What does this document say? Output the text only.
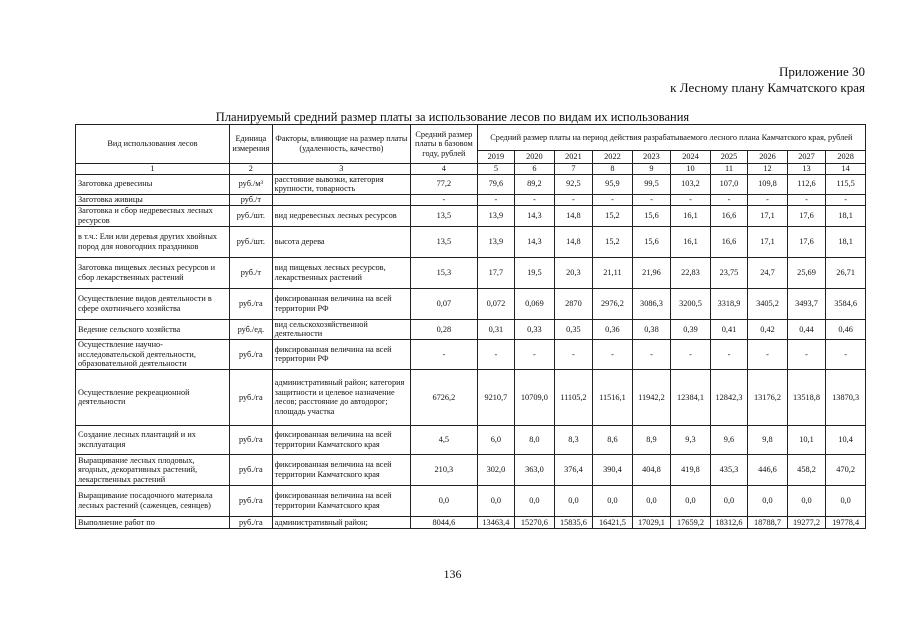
Приложение 30
к Лесному плану Камчатского края
Планируемый средний размер платы за использование лесов по видам их использования
Вид использования лесов	Единица измерения	Факторы, влияющие на размер платы (удаленность, качество)	Средний размер платы в базовом году, рублей	Средний размер платы на период действия разрабатываемого лесного плана Камчатского края, рублей									
				2019	2020	2021	2022	2023	2024	2025	2026	2027	2028
1	2	3	4	5	6	7	8	9	10	11	12	13	14
Заготовка древесины	руб./м³	расстояние вывозки, категория крупности, товарность	77,2	79,6	89,2	92,5	95,9	99,5	103,2	107,0	109,8	112,6	115,5
Заготовка живицы	руб./т		-	-	-	-	-	-	-	-	-	-	-
Заготовка и сбор недревесных лесных ресурсов	руб./шт.	вид недревесных лесных ресурсов	13,5	13,9	14,3	14,8	15,2	15,6	16,1	16,6	17,1	17,6	18,1
в т.ч.: Ели или деревья других хвойных пород для новогодних праздников	руб./шт.	высота дерева	13,5	13,9	14,3	14,8	15,2	15,6	16,1	16,6	17,1	17,6	18,1
Заготовка пищевых лесных ресурсов и сбор лекарственных растений	руб./т	вид пищевых лесных ресурсов, лекарственных растений	15,3	17,7	19,5	20,3	21,11	21,96	22,83	23,75	24,7	25,69	26,71
Осуществление видов деятельности в сфере охотничьего хозяйства	руб./га	фиксированная величина на всей территории РФ	0,07	0,072	0,069	2870	2976,2	3086,3	3200,5	3318,9	3405,2	3493,7	3584,6
Ведение сельского хозяйства	руб./ед.	вид сельскохозяйственной деятельности	0,28	0,31	0,33	0,35	0,36	0,38	0,39	0,41	0,42	0,44	0,46
Осуществление научно-исследовательской деятельности, образовательной деятельности	руб./га	фиксированная величина на всей территории РФ	-	-	-	-	-	-	-	-	-	-	-
Осуществление рекреационной деятельности	руб./га	административный район; категория защитности и целевое назначение лесов; расстояние до автодорог; площадь участка	6726,2	9210,7	10709,0	11105,2	11516,1	11942,2	12384,1	12842,3	13176,2	13518,8	13870,3
Создание лесных плантаций и их эксплуатация	руб./га	фиксированная величина на всей территории Камчатского края	4,5	6,0	8,0	8,3	8,6	8,9	9,3	9,6	9,8	10,1	10,4
Выращивание лесных плодовых, ягодных, декоративных растений, лекарственных растений	руб./га	фиксированная величина на всей территории Камчатского края	210,3	302,0	363,0	376,4	390,4	404,8	419,8	435,3	446,6	458,2	470,2
Выращивание посадочного материала лесных растений (саженцев, сеянцев)	руб./га	фиксированная величина на всей территории Камчатского края	0,0	0,0	0,0	0,0	0,0	0,0	0,0	0,0	0,0	0,0	0,0
Выполнение работ по	руб./га	административный район;	8044,6	13463,4	15270,6	15835,6	16421,5	17029,1	17659,2	18312,6	18788,7	19277,2	19778,4
136
